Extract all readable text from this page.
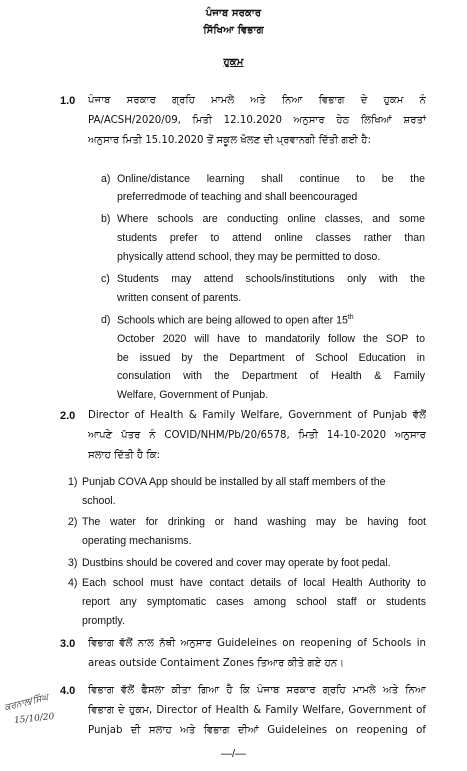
ਪੰਜਾਬ ਸਰਕਾਰ
ਸਿੱਖਿਆ ਵਿਭਾਗ
ਹੁਕਮ
1.0 ਪੰਜਾਬ ਸਰਕਾਰ ਗ੍ਰਹਿ ਮਾਮਲੇ ਅਤੇ ਨਿਆ ਵਿਭਾਗ ਦੇ ਹੁਕਮ ਨੰ
PA/ACSH/2020/09, ਮਿਤੀ 12.10.2020 ਅਨੁਸਾਰ ਹੇਠ ਲਿਖਿਆਂ ਸ਼ਰਤਾਂ
ਅਨੁਸਾਰ ਮਿਤੀ 15.10.2020 ਤੋਂ ਸਕੂਲ ਖੋਲਣ ਦੀ ਪ੍ਰਵਾਨਗੀ ਦਿੱਤੀ ਗਈ ਹੈ:
a) Online/distance learning shall continue to be the
preferredmode of teaching and shall beencouraged
b) Where schools are conducting online classes, and some
students prefer to attend online classes rather than
physically attend school, they may be permitted to doso.
c) Students may attend schools/institutions only with the
written consent of parents.
d) Schools which are being allowed to open after 15th
October 2020 will have to mandatorily follow the SOP to
be issued by the Department of School Education in
consulation with the Department of Health & Family
Welfare, Government of Punjab.
2.0 Director of Health & Family Welfare, Government of Punjab ਵੱਲੋਂ
ਆਪਣੇ ਪੱਤਰ ਨੰ COVID/NHM/Pb/20/6578, ਮਿਤੀ 14-10-2020 ਅਨੁਸਾਰ
ਸਲਾਹ ਦਿੱਤੀ ਹੈ ਕਿ:
1) Punjab COVA App should be installed by all staff members of the
school.
2) The water for drinking or hand washing may be having foot
operating mechanisms.
3) Dustbins should be covered and cover may operate by foot pedal.
4) Each school must have contact details of local Health Authority to
report any symptomatic cases among school staff or students
promptly.
3.0 ਵਿਭਾਗ ਵੱਲੋਂ ਨਾਲ ਨੱਥੀ ਅਨੁਸਾਰ Guideleines on reopening of Schools in
areas outside Contaiment Zones ਤਿਆਰ ਕੀਤੇ ਗਏ ਹਨ।
4.0 ਵਿਭਾਗ ਵੱਲੋਂ ਫੈਸਲਾ ਕੀਤਾ ਗਿਆ ਹੈ ਕਿ ਪੰਜਾਬ ਸਰਕਾਰ ਗ੍ਰਹਿ ਮਾਮਲੇ ਅਤੇ ਨਿਆ
ਵਿਭਾਗ ਦੇ ਹੁਕਮ, Director of Health & Family Welfare, Government of
Punjab ਦੀ ਸਲਾਹ ਅਤੇ ਵਿਭਾਗ ਦੀਆਂ Guideleines on reopening of
ਕਰਨਾਲ/ਸਿੰਘ
15/10/20
—/—
